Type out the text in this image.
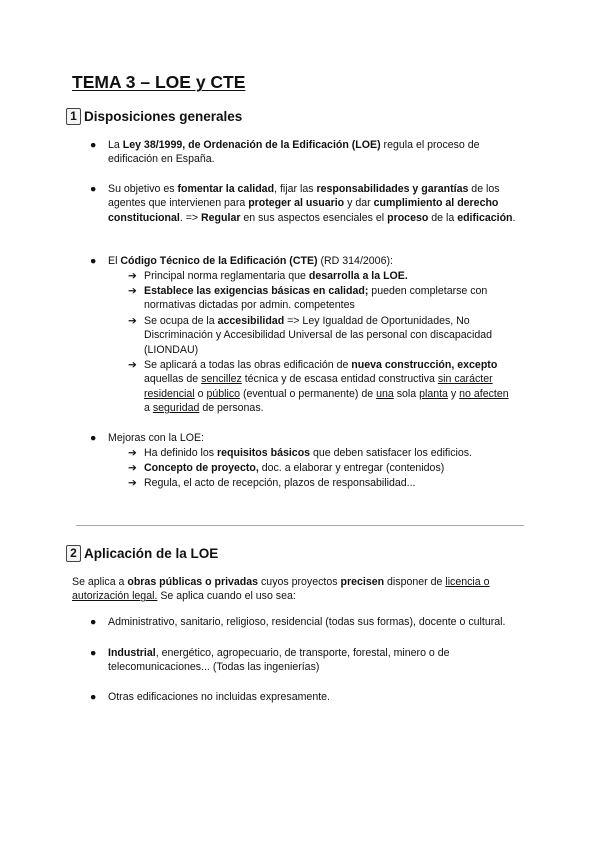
TEMA 3 – LOE y CTE
1 Disposiciones generales
● La Ley 38/1999, de Ordenación de la Edificación (LOE) regula el proceso de edificación en España.
● Su objetivo es fomentar la calidad, fijar las responsabilidades y garantías de los agentes que intervienen para proteger al usuario y dar cumplimiento al derecho constitucional. => Regular en sus aspectos esenciales el proceso de la edificación.
● El Código Técnico de la Edificación (CTE) (RD 314/2006):
➔ Principal norma reglamentaria que desarrolla a la LOE.
➔ Establece las exigencias básicas en calidad; pueden completarse con normativas dictadas por admin. competentes
➔ Se ocupa de la accesibilidad => Ley Igualdad de Oportunidades, No Discriminación y Accesibilidad Universal de las personal con discapacidad (LIONDAU)
➔ Se aplicará a todas las obras edificación de nueva construcción, excepto aquellas de sencillez técnica y de escasa entidad constructiva sin carácter residencial o público (eventual o permanente) de una sola planta y no afecten a seguridad de personas.
● Mejoras con la LOE:
➔ Ha definido los requisitos básicos que deben satisfacer los edificios.
➔ Concepto de proyecto, doc. a elaborar y entregar (contenidos)
➔ Regula, el acto de recepción, plazos de responsabilidad...
2 Aplicación de la LOE
Se aplica a obras públicas o privadas cuyos proyectos precisen disponer de licencia o autorización legal. Se aplica cuando el uso sea:
● Administrativo, sanitario, religioso, residencial (todas sus formas), docente o cultural.
● Industrial, energético, agropecuario, de transporte, forestal, minero o de telecomunicaciones... (Todas las ingenierías)
● Otras edificaciones no incluidas expresamente.
